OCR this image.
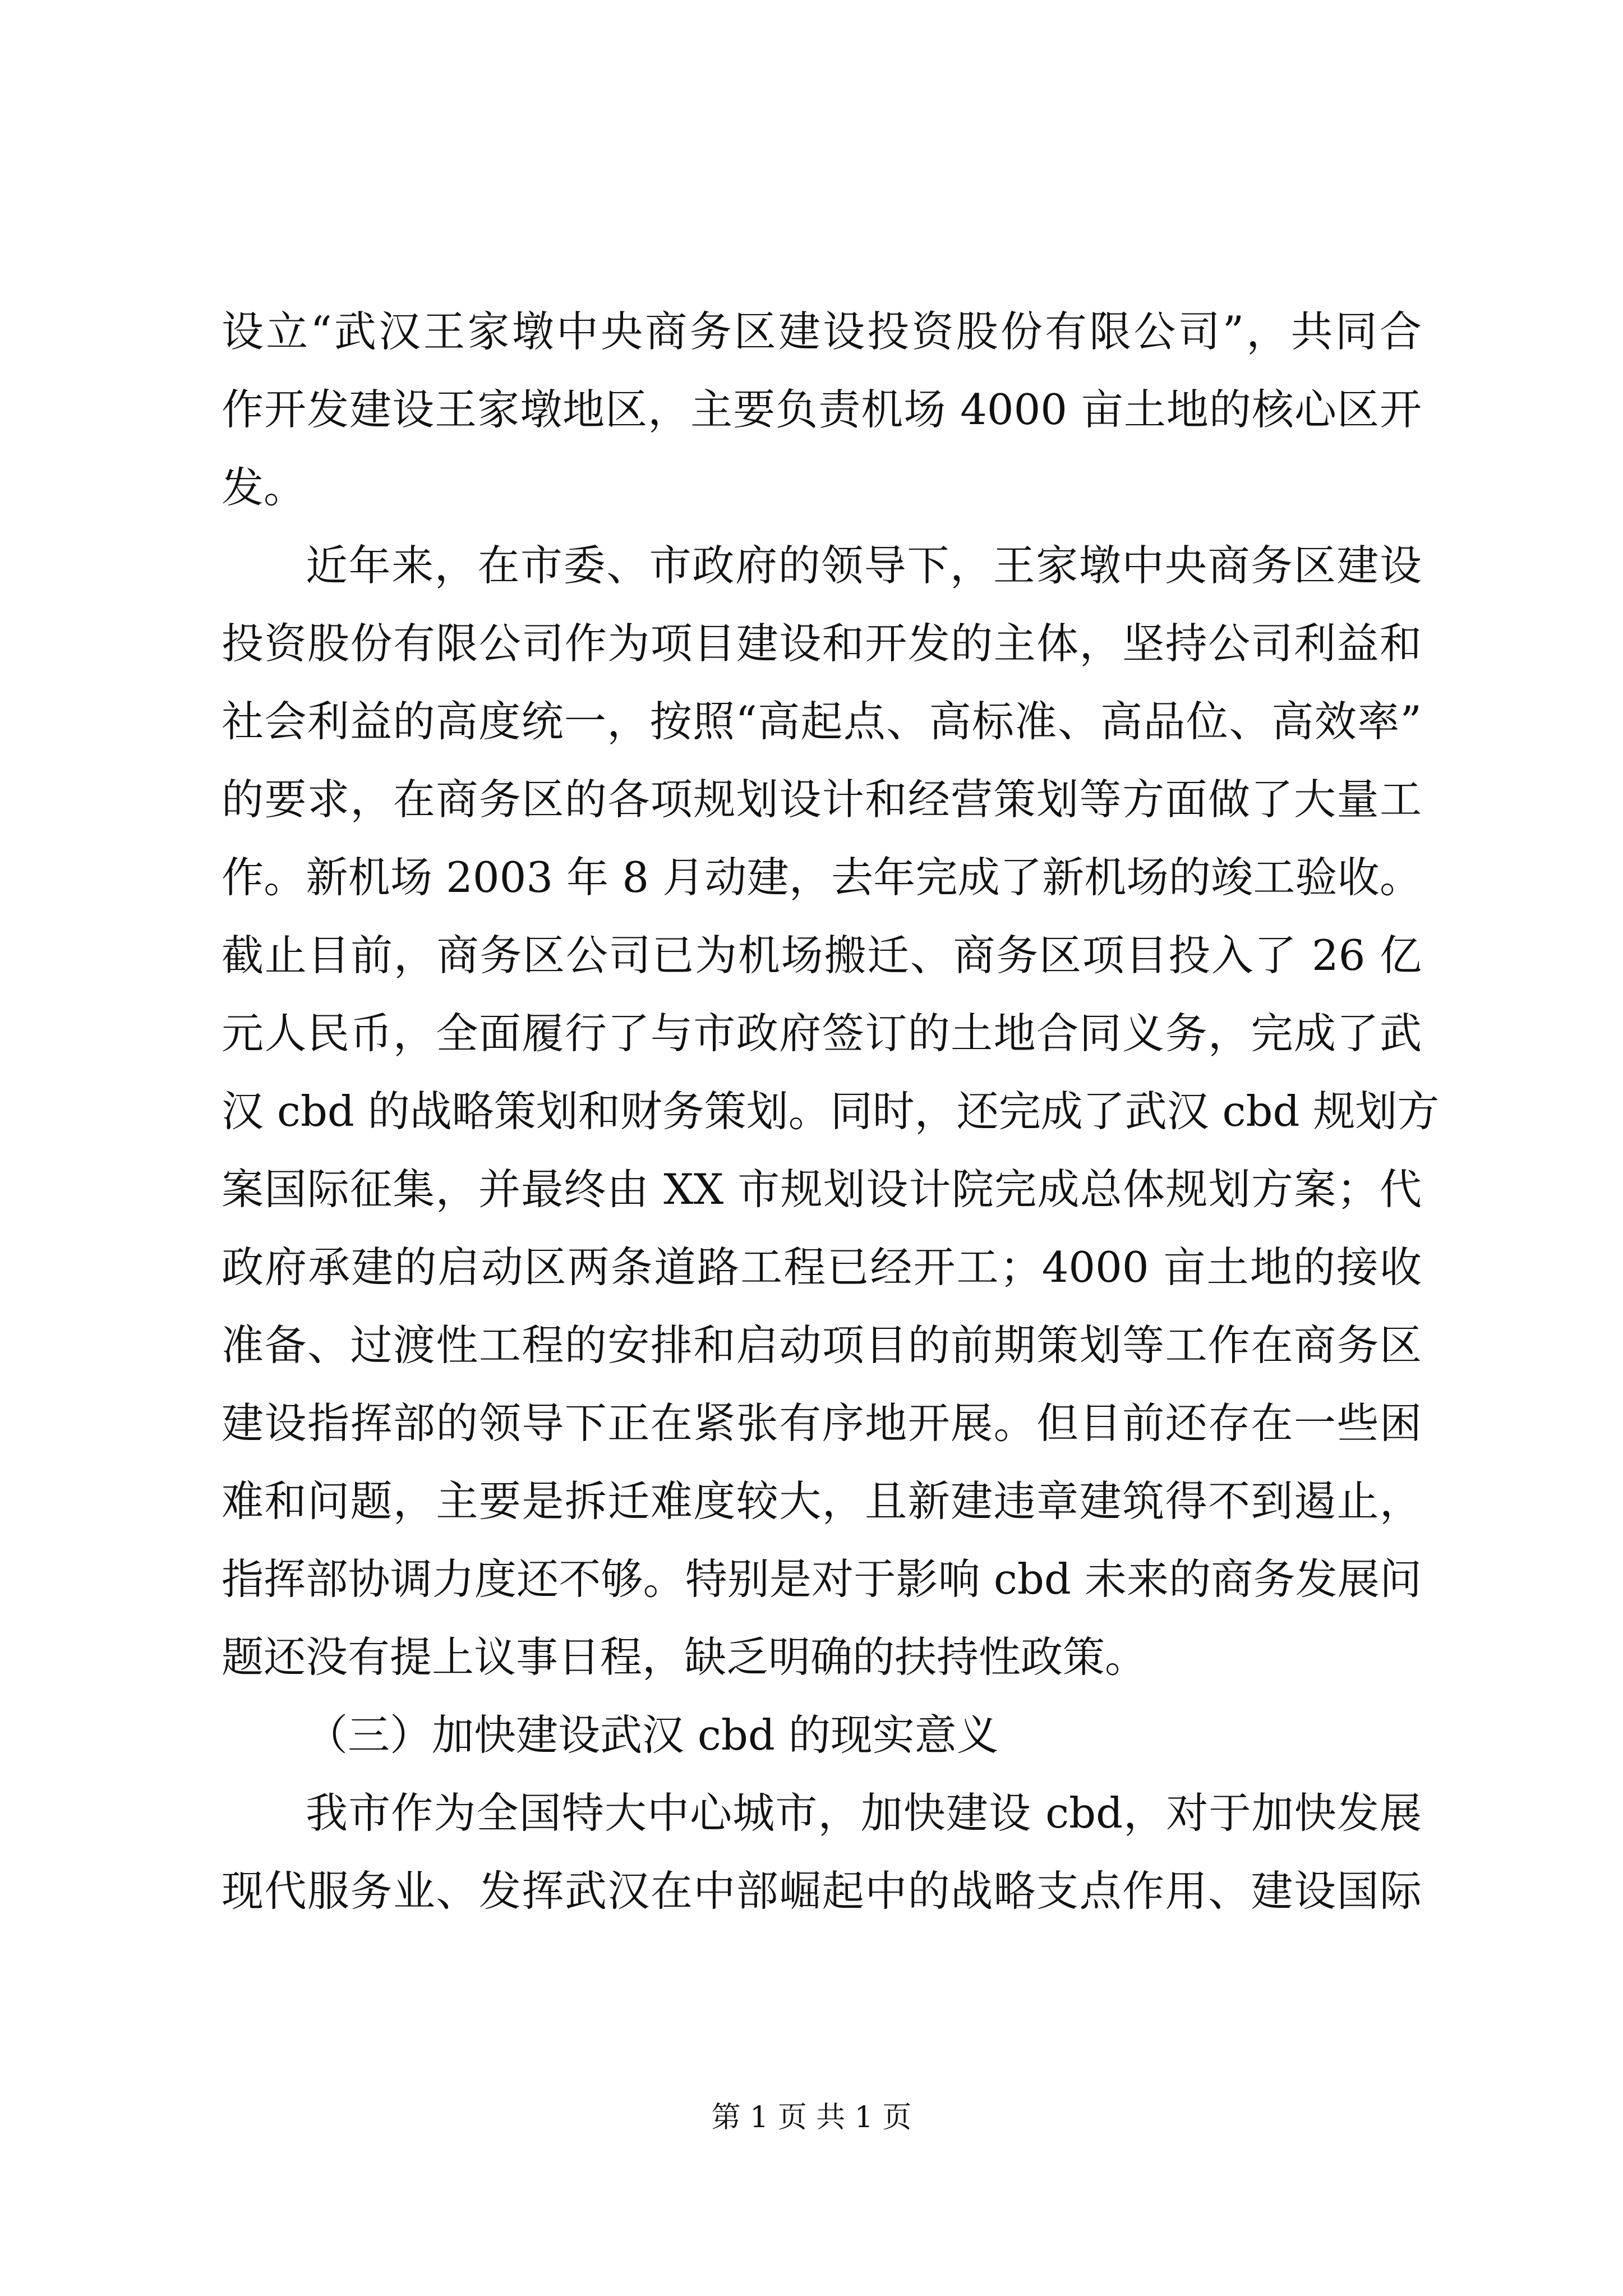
设立“武汉王家墩中央商务区建设投资股份有限公司”，共同合
作开发建设王家墩地区，主要负责机场 4000 亩土地的核心区开
发。
近年来，在市委、市政府的领导下，王家墩中央商务区建设
投资股份有限公司作为项目建设和开发的主体，坚持公司利益和
社会利益的高度统一，按照“高起点、高标准、高品位、高效率”
的要求，在商务区的各项规划设计和经营策划等方面做了大量工
作。新机场 2003 年 8 月动建，去年完成了新机场的竣工验收。
截止目前，商务区公司已为机场搬迁、商务区项目投入了 26 亿
元人民币，全面履行了与市政府签订的土地合同义务，完成了武
汉 cbd 的战略策划和财务策划。同时，还完成了武汉 cbd 规划方
案国际征集，并最终由 XX 市规划设计院完成总体规划方案；代
政府承建的启动区两条道路工程已经开工；4000 亩土地的接收
准备、过渡性工程的安排和启动项目的前期策划等工作在商务区
建设指挥部的领导下正在紧张有序地开展。但目前还存在一些困
难和问题，主要是拆迁难度较大，且新建违章建筑得不到遏止，
指挥部协调力度还不够。特别是对于影响 cbd 未来的商务发展问
题还没有提上议事日程，缺乏明确的扶持性政策。
（三）加快建设武汉 cbd 的现实意义
我市作为全国特大中心城市，加快建设 cbd，对于加快发展
现代服务业、发挥武汉在中部崛起中的战略支点作用、建设国际
第 1 页 共 1 页
